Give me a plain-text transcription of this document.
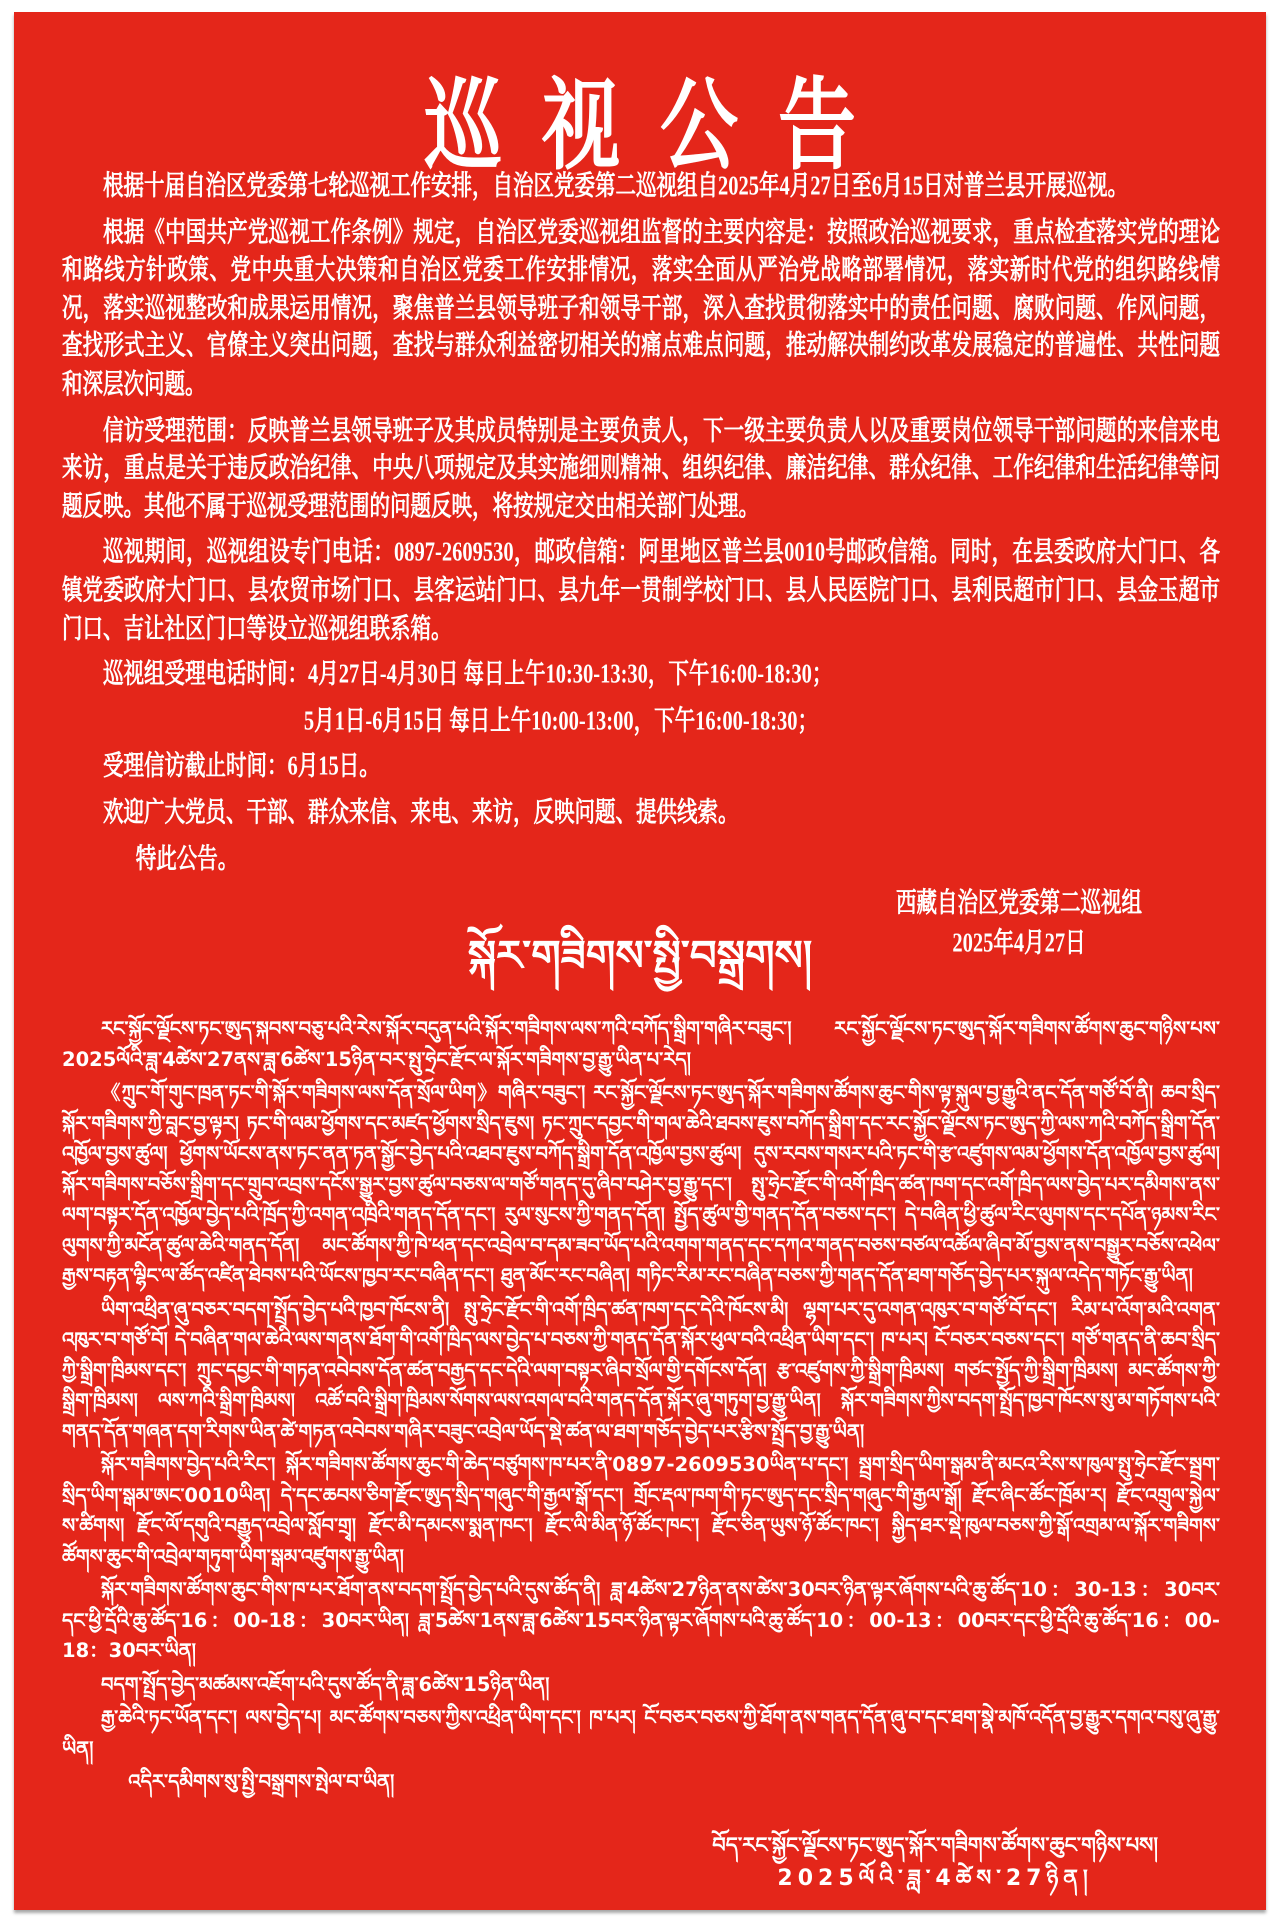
巡视公告

根据十届自治区党委第七轮巡视工作安排，自治区党委第二巡视组自2025年4月27日至6月15日对普兰县开展巡视。

根据《中国共产党巡视工作条例》规定，自治区党委巡视组监督的主要内容是：按照政治巡视要求，重点检查落实党的理论和路线方针政策、党中央重大决策和自治区党委工作安排情况，落实全面从严治党战略部署情况，落实新时代党的组织路线情况，落实巡视整改和成果运用情况，聚焦普兰县领导班子和领导干部，深入查找贯彻落实中的责任问题、腐败问题、作风问题，查找形式主义、官僚主义突出问题，查找与群众利益密切相关的痛点难点问题，推动解决制约改革发展稳定的普遍性、共性问题和深层次问题。

信访受理范围：反映普兰县领导班子及其成员特别是主要负责人，下一级主要负责人以及重要岗位领导干部问题的来信来电来访，重点是关于违反政治纪律、中央八项规定及其实施细则精神、组织纪律、廉洁纪律、群众纪律、工作纪律和生活纪律等问题反映。其他不属于巡视受理范围的问题反映，将按规定交由相关部门处理。

巡视期间，巡视组设专门电话：0897-2609530，邮政信箱：阿里地区普兰县0010号邮政信箱。同时，在县委政府大门口、各镇党委政府大门口、县农贸市场门口、县客运站门口、县九年一贯制学校门口、县人民医院门口、县利民超市门口、县金玉超市门口、吉让社区门口等设立巡视组联系箱。

巡视组受理电话时间：4月27日-4月30日 每日上午10:30-13:30，下午16:00-18:30；

5月1日-6月15日 每日上午10:00-13:00，下午16:00-18:30；

受理信访截止时间：6月15日。

欢迎广大党员、干部、群众来信、来电、来访，反映问题、提供线索。

特此公告。

西藏自治区党委第二巡视组
2025年4月27日
སྐོར་གཟིགས་སྤྱི་བསྒྲགས།

རང་སྐྱོང་ལྗོངས་ཏང་ཨུད་སྐབས་བཅུ་པའི་རེས་སྐོར་བདུན་པའི་སྐོར་གཟིགས་ལས་ཀའི་བཀོད་སྒྲིག་གཞིར་བཟུང་། རང་སྐྱོང་ལྗོངས་ཏང་ཨུད་སྐོར་གཟིགས་ཚོགས་ཆུང་གཉིས་པས་2025ལོའི་ཟླ་4ཚེས་27ནས་ཟླ་6ཚེས་15ཉིན་བར་སྤུ་ཧྲེང་རྫོང་ལ་སྐོར་གཟིགས་བྱ་རྒྱུ་ཡིན་པ་རེད།

《ཀྲུང་གོ་གུང་ཁྲན་ཏང་གི་སྐོར་གཟིགས་ལས་དོན་སྲོལ་ཡིག》གཞིར་བཟུང་། རང་སྐྱོང་ལྗོངས་ཏང་ཨུད་སྐོར་གཟིགས་ཚོགས་ཆུང་གིས་ལྟ་སྐུལ་བྱ་རྒྱུའི་ནང་དོན་གཙོ་བོ་ནི། ཆབ་སྲིད་སྐོར་གཟིགས་ཀྱི་བླང་བྱ་ལྟར། ཏང་གི་ལམ་ཕྱོགས་དང་མཛད་ཕྱོགས་སྲིད་ཇུས། ཏང་ཀྲུང་དབྱང་གི་གལ་ཆེའི་ཐབས་ཇུས་བཀོད་སྒྲིག་དང་རང་སྐྱོང་ལྗོངས་ཏང་ཨུད་ཀྱི་ལས་ཀའི་བཀོད་སྒྲིག་དོན་འཁྱོལ་བྱས་ཚུལ། ཕྱོགས་ཡོངས་ནས་ཏང་ནན་ཏན་སྒྱོང་བྱེད་པའི་འཐབ་ཇུས་བཀོད་སྒྲིག་དོན་འཁྱོལ་བྱས་ཚུལ། དུས་རབས་གསར་པའི་ཏང་གི་རྩ་འཛུགས་ལམ་ཕྱོགས་དོན་འཁྱོལ་བྱས་ཚུལ། སྐོར་གཟིགས་བཅོས་སྒྲིག་དང་གྲུབ་འབྲས་དངོས་སྒྱུར་བྱས་ཚུལ་བཅས་ལ་གཙོ་གནད་དུ་ཞིབ་བཤེར་བྱ་རྒྱུ་དང་། སྤུ་ཧྲེང་རྫོང་གི་འགོ་ཁྲིད་ཚན་ཁག་དང་འགོ་ཁྲིད་ལས་བྱེད་པར་དམིགས་ནས་ལག་བསྟར་དོན་འཁྱོལ་བྱེད་པའི་ཁྲོད་ཀྱི་འགན་འཁྲིའི་གནད་དོན་དང་། རུལ་སུངས་ཀྱི་གནད་དོན། སྤྱོད་ཚུལ་གྱི་གནད་དོན་བཅས་དང་། དེ་བཞིན་ཕྱི་ཚུལ་རིང་ལུགས་དང་དཔོན་ཉམས་རིང་ལུགས་ཀྱི་མངོན་ཚུལ་ཆེའི་གནད་དོན། མང་ཚོགས་ཀྱི་ཁེ་ཕན་དང་འབྲེལ་བ་དམ་ཟབ་ཡོད་པའི་འགག་གནད་དང་དཀའ་གནད་བཅས་བཙལ་འཚོལ་ཞིབ་མོ་བྱས་ནས་བསྒྱུར་བཅོས་འཕེལ་རྒྱས་བརྟན་ལྷིང་ལ་ཚོད་འཛིན་ཐེབས་པའི་ཡོངས་ཁྱབ་རང་བཞིན་དང་། ཐུན་མོང་རང་བཞིན། གཏིང་རིམ་རང་བཞིན་བཅས་ཀྱི་གནད་དོན་ཐག་གཅོད་བྱེད་པར་སྐུལ་འདེད་གཏོང་རྒྱུ་ཡིན།

ཡིག་འཕྲིན་ཞུ་བཅར་བདག་སྤྲོད་བྱེད་པའི་ཁྱབ་ཁོངས་ནི། སྤུ་ཧྲེང་རྫོང་གི་འགོ་ཁྲིད་ཚན་ཁག་དང་དེའི་ཁོངས་མི། ལྷག་པར་དུ་འགན་འཁུར་བ་གཙོ་བོ་དང་། རིམ་པ་འོག་མའི་འགན་འཁུར་བ་གཙོ་བོ། དེ་བཞིན་གལ་ཆེའི་ལས་གནས་ཐོག་གི་འགོ་ཁྲིད་ལས་བྱེད་པ་བཅས་ཀྱི་གནད་དོན་སྐོར་ཕུལ་བའི་འཕྲིན་ཡིག་དང་། ཁ་པར། ངོ་བཅར་བཅས་དང་། གཙོ་གནད་ནི་ཆབ་སྲིད་ཀྱི་སྒྲིག་ཁྲིམས་དང་། ཀྲུང་དབྱང་གི་གཏན་འབེབས་དོན་ཚན་བརྒྱད་དང་དེའི་ལག་བསྟར་ཞིབ་སྲོལ་གྱི་དགོངས་དོན། རྩ་འཛུགས་ཀྱི་སྒྲིག་ཁྲིམས། གཙང་སྤྱོད་ཀྱི་སྒྲིག་ཁྲིམས། མང་ཚོགས་ཀྱི་སྒྲིག་ཁྲིམས། ལས་ཀའི་སྒྲིག་ཁྲིམས། འཚོ་བའི་སྒྲིག་ཁྲིམས་སོགས་ལས་འགལ་བའི་གནད་དོན་སྐོར་ཞུ་གཏུག་བྱ་རྒྱུ་ཡིན། སྐོར་གཟིགས་ཀྱིས་བདག་སྤྲོད་ཁྱབ་ཁོངས་སུ་མ་གཏོགས་པའི་གནད་དོན་གཞན་དག་རིགས་ཡིན་ཚེ་གཏན་འབེབས་གཞིར་བཟུང་འབྲེལ་ཡོད་སྡེ་ཚན་ལ་ཐག་གཅོད་བྱེད་པར་རྩིས་སྤྲོད་བྱ་རྒྱུ་ཡིན།

སྐོར་གཟིགས་བྱེད་པའི་རིང་། སྐོར་གཟིགས་ཚོགས་ཆུང་གི་ཆེད་བཙུགས་ཁ་པར་ནི་0897-2609530ཡིན་པ་དང་། སྦྲག་སྲིད་ཡིག་སྒམ་ནི་མངའ་རིས་ས་ཁུལ་སྤུ་ཧྲེང་རྫོང་སྦྲག་སྲིད་ཡིག་སྒམ་ཨང་0010ཡིན། དེ་དང་ཆབས་ཅིག་རྫོང་ཨུད་སྲིད་གཞུང་གི་རྒྱལ་སྒོ་དང་། གྲོང་རྡལ་ཁག་གི་ཏང་ཨུད་དང་སྲིད་གཞུང་གི་རྒྱལ་སྒོ། རྫོང་ཞིང་ཚོང་ཁྲོམ་ར། རྫོང་འགྲུལ་སྐྱེལ་ས་ཚིགས། རྫོང་ལོ་དགུའི་བརྒྱུད་འབྲེལ་སློབ་གྲྭ། རྫོང་མི་དམངས་སྨན་ཁང་། རྫོང་ལི་མིན་ཉོ་ཚོང་ཁང་། རྫོང་ཅིན་ཡུས་ཉོ་ཚོང་ཁང་། སྐྱིད་ཐར་སྡེ་ཁུལ་བཅས་ཀྱི་སྒོ་འགྲམ་ལ་སྐོར་གཟིགས་ཚོགས་ཆུང་གི་འབྲེལ་གཏུག་ཡིག་སྒམ་འཛུགས་རྒྱུ་ཡིན།

སྐོར་གཟིགས་ཚོགས་ཆུང་གིས་ཁ་པར་ཐོག་ནས་བདག་སྤྲོད་བྱེད་པའི་དུས་ཚོད་ནི། ཟླ་4ཚེས་27ཉིན་ནས་ཚེས་30བར་ཉིན་ལྟར་ཞོགས་པའི་ཆུ་ཚོད་10：30-13：30བར་དང་ཕྱི་དྲོའི་ཆུ་ཚོད་16：00-18：30བར་ཡིན། ཟླ་5ཚེས་1ནས་ཟླ་6ཚེས་15བར་ཉིན་ལྟར་ཞོགས་པའི་ཆུ་ཚོད་10：00-13：00བར་དང་ཕྱི་དྲོའི་ཆུ་ཚོད་16：00-18：30བར་ཡིན།

བདག་སྤྲོད་བྱེད་མཚམས་འཇོག་པའི་དུས་ཚོད་ནི་ཟླ་6ཚེས་15ཉིན་ཡིན།

རྒྱ་ཆེའི་ཏང་ཡོན་དང་། ལས་བྱེད་པ། མང་ཚོགས་བཅས་ཀྱིས་འཕྲིན་ཡིག་དང་། ཁ་པར། ངོ་བཅར་བཅས་ཀྱི་ཐོག་ནས་གནད་དོན་ཞུ་བ་དང་ཐག་སྣེ་མཁོ་འདོན་བྱ་རྒྱུར་དགའ་བསུ་ཞུ་རྒྱུ་ཡིན།

འདིར་དམིགས་སུ་སྤྱི་བསྒྲགས་སྤེལ་བ་ཡིན།

བོད་རང་སྐྱོང་ལྗོངས་ཏང་ཨུད་སྐོར་གཟིགས་ཚོགས་ཆུང་གཉིས་པས།
2025ལོའི་ཟླ་4ཚེས་27ཉིན།
